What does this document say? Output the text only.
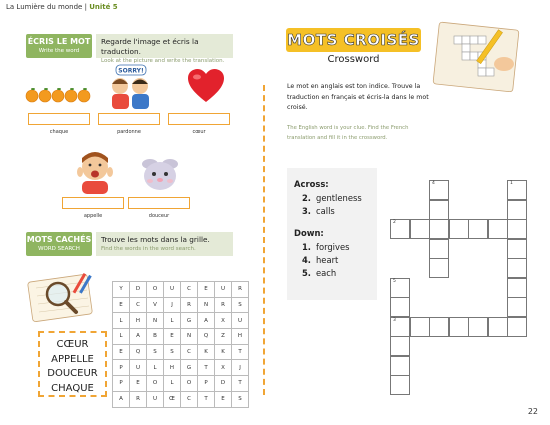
La Lumière du monde | Unité 5
ÉCRIS LE MOT
Write the word
Regarde l'image et écris la traduction.
Look at the picture and write the translation.
SORRY!
chaque	pardonne	cœur
appelle	douceur
MOTS CACHÉS
WORD SEARCH
Trouve les mots dans la grille.
Find the words in the word search.
CŒUR
APPELLE
DOUCEUR
CHAQUE
Y	D	O	U	C	E	U	R
E	C	V	J	R	N	R	S
L	H	N	L	G	A	X	U
L	A	B	E	N	Q	Z	H
E	Q	S	S	C	K	K	T
P	U	L	H	G	T	X	J
P	E	O	L	O	P	D	T
A	R	U	Œ	C	T	E	S
MOTS CROISÉS
Crossword
Le mot en anglais est ton indice. Trouve la traduction en français et écris-la dans le mot croisé.
The English word is your clue. Find the French translation and fill it in the crossword.
Across:
2. gentleness
3. calls
Down:
1. forgives
4. heart
5. each
2
3
4	1
5
22
